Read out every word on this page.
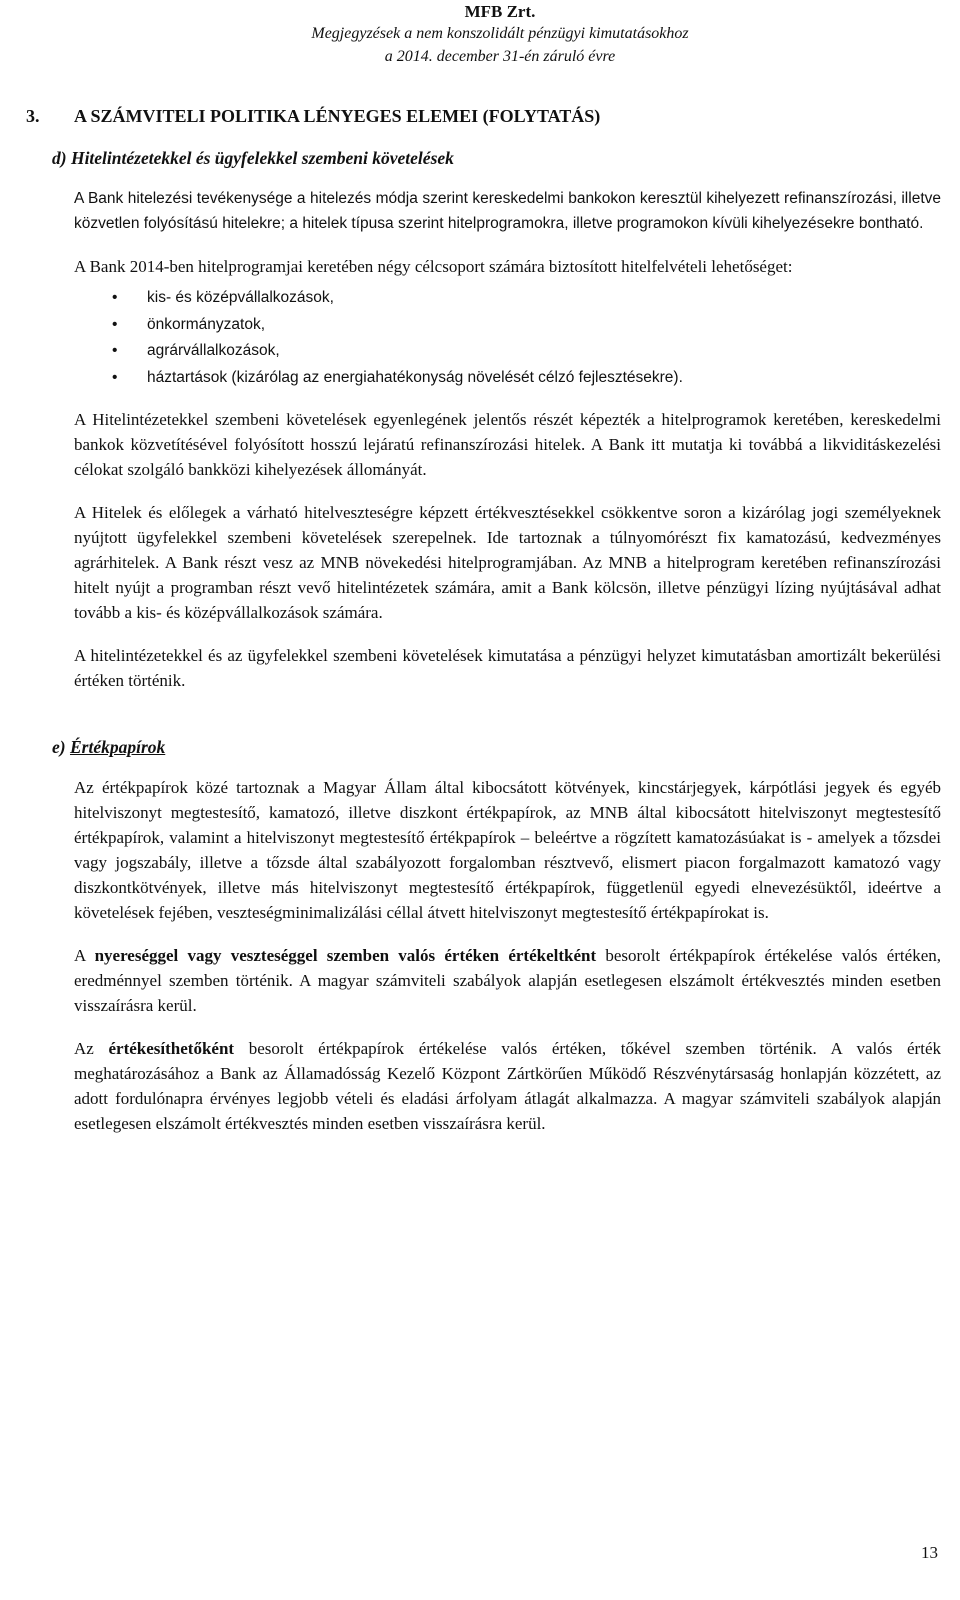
MFB Zrt.
Megjegyzések a nem konszolidált pénzügyi kimutatásokhoz
a 2014. december 31-én záruló évre
3. A SZÁMVITELI POLITIKA LÉNYEGES ELEMEI (FOLYTATÁS)
d) Hitelintézetekkel és ügyfelekkel szembeni követelések

A Bank hitelezési tevékenysége a hitelezés módja szerint kereskedelmi bankokon keresztül kihelyezett refinanszírozási, illetve közvetlen folyósítású hitelekre; a hitelek típusa szerint hitelprogramokra, illetve programokon kívüli kihelyezésekre bontható.

A Bank 2014-ben hitelprogramjai keretében négy célcsoport számára biztosított hitelfelvételi lehetőséget:

• kis- és középvállalkozások,
• önkormányzatok,
• agrárvállalkozások,
• háztartások (kizárólag az energiahatékonyság növelését célzó fejlesztésekre).

A Hitelintézetekkel szembeni követelések egyenlegének jelentős részét képezték a hitelprogramok keretében, kereskedelmi bankok közvetítésével folyósított hosszú lejáratú refinanszírozási hitelek. A Bank itt mutatja ki továbbá a likviditáskezelési célokat szolgáló bankközi kihelyezések állományát.

A Hitelek és előlegek a várható hitelveszteségre képzett értékvesztésekkel csökkentve soron a kizárólag jogi személyeknek nyújtott ügyfelekkel szembeni követelések szerepelnek. Ide tartoznak a túlnyomórészt fix kamatozású, kedvezményes agrárhitelek. A Bank részt vesz az MNB növekedési hitelprogramjában. Az MNB a hitelprogram keretében refinanszírozási hitelt nyújt a programban részt vevő hitelintézetek számára, amit a Bank kölcsön, illetve pénzügyi lízing nyújtásával adhat tovább a kis- és középvállalkozások számára.

A hitelintézetekkel és az ügyfelekkel szembeni követelések kimutatása a pénzügyi helyzet kimutatásban amortizált bekerülési értéken történik.

e) Értékpapírok

Az értékpapírok közé tartoznak a Magyar Állam által kibocsátott kötvények, kincstárjegyek, kárpótlási jegyek és egyéb hitelviszonyt megtestesítő, kamatozó, illetve diszkont értékpapírok, az MNB által kibocsátott hitelviszonyt megtestesítő értékpapírok, valamint a hitelviszonyt megtestesítő értékpapírok – beleértve a rögzített kamatozásúakat is - amelyek a tőzsdei vagy jogszabály, illetve a tőzsde által szabályozott forgalomban résztvevő, elismert piacon forgalmazott kamatozó vagy diszkontkötvények, illetve más hitelviszonyt megtestesítő értékpapírok, függetlenül egyedi elnevezésüktől, ideértve a követelések fejében, veszteségminimalizálási céllal átvett hitelviszonyt megtestesítő értékpapírokat is.

A nyereséggel vagy veszteséggel szemben valós értéken értékeltként besorolt értékpapírok értékelése valós értéken, eredménnyel szemben történik. A magyar számviteli szabályok alapján esetlegesen elszámolt értékvesztés minden esetben visszaírásra kerül.

Az értékesíthetőként besorolt értékpapírok értékelése valós értéken, tőkével szemben történik. A valós érték meghatározásához a Bank az Államadósság Kezelő Központ Zártkörűen Működő Részvénytársaság honlapján közzétett, az adott fordulónapra érvényes legjobb vételi és eladási árfolyam átlagát alkalmazza. A magyar számviteli szabályok alapján esetlegesen elszámolt értékvesztés minden esetben visszaírásra kerül.

13
